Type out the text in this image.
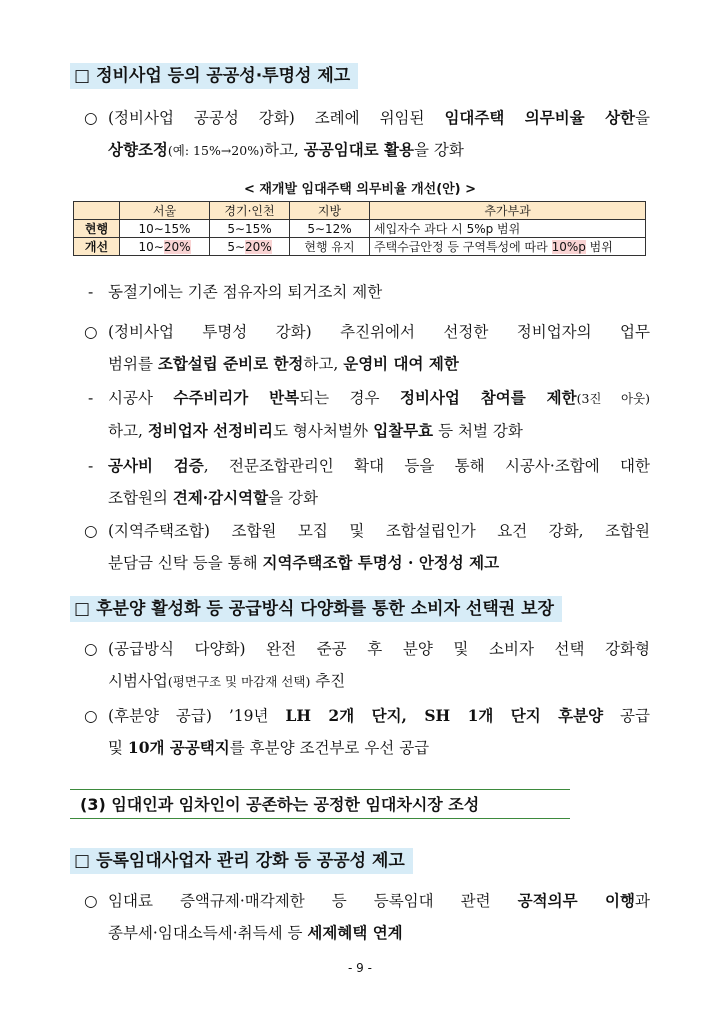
□ 정비사업 등의 공공성·투명성 제고
○ (정비사업 공공성 강화) 조례에 위임된 임대주택 의무비율 상한을
상향조정(예: 15%→20%)하고, 공공임대로 활용을 강화
< 재개발 임대주택 의무비율 개선(안) >
	서울	경기·인천	지방	추가부과
현행	10∼15%	5∼15%	5∼12%	세입자수 과다 시 5%p 범위
개선	10∼20%	5∼20%	현행 유지	주택수급안정 등 구역특성에 따라 10%p 범위
- 동절기에는 기존 점유자의 퇴거조치 제한
○ (정비사업 투명성 강화) 추진위에서 선정한 정비업자의 업무
범위를 조합설립 준비로 한정하고, 운영비 대여 제한
- 시공사 수주비리가 반복되는 경우 정비사업 참여를 제한(3진 아웃)
하고, 정비업자 선정비리도 형사처벌外 입찰무효 등 처벌 강화
- 공사비 검증, 전문조합관리인 확대 등을 통해 시공사·조합에 대한
조합원의 견제·감시역할을 강화
○ (지역주택조합) 조합원 모집 및 조합설립인가 요건 강화, 조합원
분담금 신탁 등을 통해 지역주택조합 투명성 · 안정성 제고
□ 후분양 활성화 등 공급방식 다양화를 통한 소비자 선택권 보장
○ (공급방식 다양화) 완전 준공 후 분양 및 소비자 선택 강화형
시범사업(평면구조 및 마감재 선택) 추진
○ (후분양 공급) ’19년 LH 2개 단지, SH 1개 단지 후분양 공급
및 10개 공공택지를 후분양 조건부로 우선 공급
(3) 임대인과 임차인이 공존하는 공정한 임대차시장 조성
□ 등록임대사업자 관리 강화 등 공공성 제고
○ 임대료 증액규제·매각제한 등 등록임대 관련 공적의무 이행과
종부세·임대소득세·취득세 등 세제혜택 연계
- 9 -
